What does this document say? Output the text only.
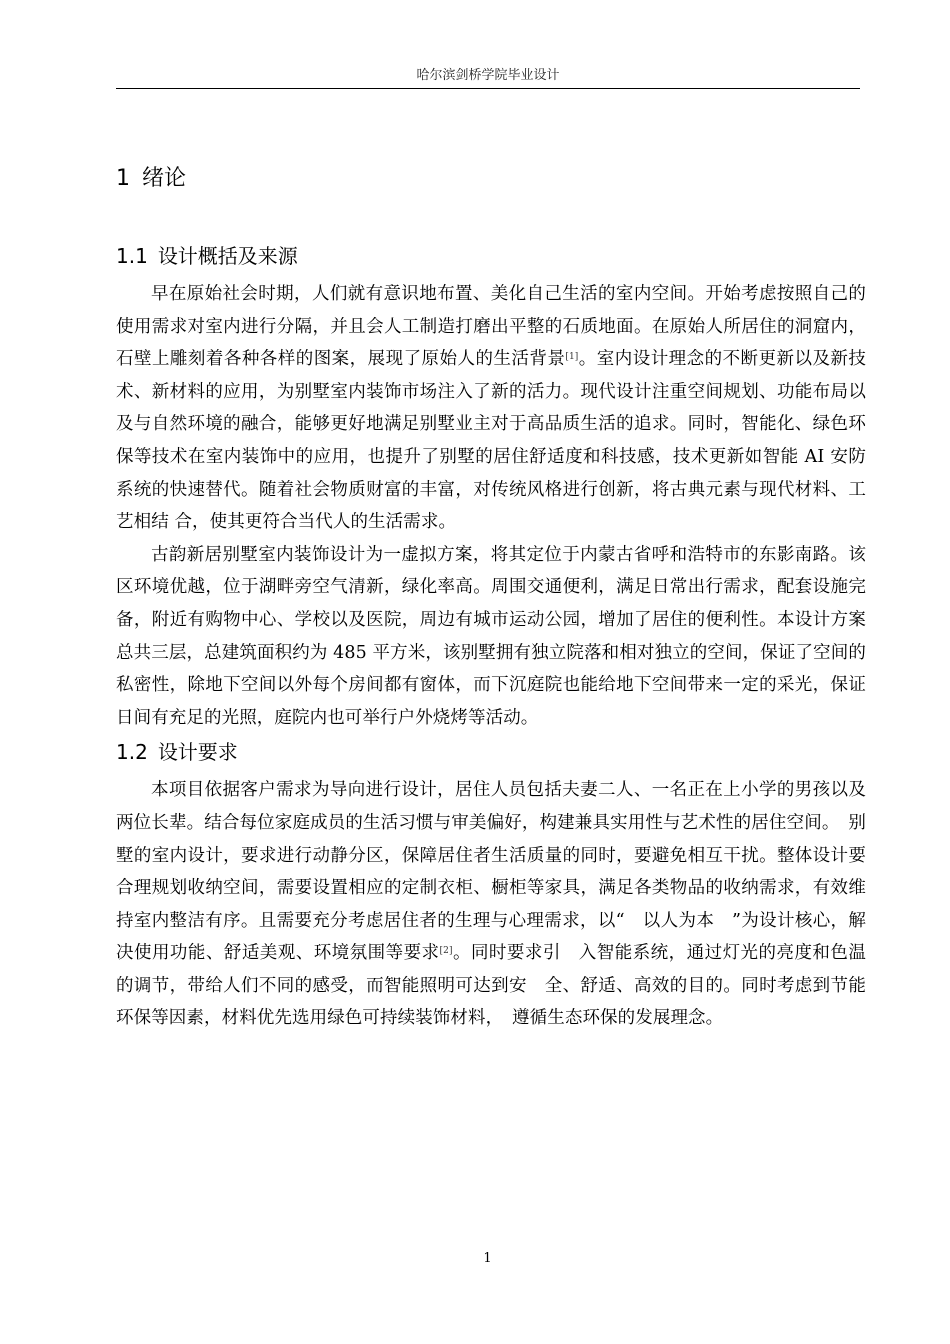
哈尔滨剑桥学院毕业设计
1 绪论
1.1 设计概括及来源

早在原始社会时期，人们就有意识地布置、美化自己生活的室内空间。开始考虑按照自己的使用需求对室内进行分隔，并且会人工制造打磨出平整的石质地面。在原始人所居住的洞窟内，石壁上雕刻着各种各样的图案，展现了原始人的生活背景[1]。室内设计理念的不断更新以及新技术、新材料的应用，为别墅室内装饰市场注入了新的活力。现代设计注重空间规划、功能布局以及与自然环境的融合，能够更好地满足别墅业主对于高品质生活的追求。同时，智能化、绿色环保等技术在室内装饰中的应用，也提升了别墅的居住舒适度和科技感，技术更新如智能 AI 安防系统的快速替代。随着社会物质财富的丰富，对传统风格进行创新，将古典元素与现代材料、工艺相结 合，使其更符合当代人的生活需求。

古韵新居别墅室内装饰设计为一虚拟方案，将其定位于内蒙古省呼和浩特市的东影南路。该区环境优越，位于湖畔旁空气清新，绿化率高。周围交通便利，满足日常出行需求，配套设施完备，附近有购物中心、学校以及医院，周边有城市运动公园，增加了居住的便利性。本设计方案总共三层，总建筑面积约为 485 平方米，该别墅拥有独立院落和相对独立的空间，保证了空间的私密性，除地下空间以外每个房间都有窗体，而下沉庭院也能给地下空间带来一定的采光，保证日间有充足的光照，庭院内也可举行户外烧烤等活动。

1.2 设计要求

本项目依据客户需求为导向进行设计，居住人员包括夫妻二人、一名正在上小学的男孩以及两位长辈。结合每位家庭成员的生活习惯与审美偏好，构建兼具实用性与艺术性的居住空间。　别墅的室内设计，要求进行动静分区，保障居住者生活质量的同时，要避免相互干扰。整体设计要合理规划收纳空间，需要设置相应的定制衣柜、橱柜等家具，满足各类物品的收纳需求，有效维持室内整洁有序。且需要充分考虑居住者的生理与心理需求，以“　以人为本　”为设计核心，解决使用功能、舒适美观、环境氛围等要求[2]。同时要求引　入智能系统，通过灯光的亮度和色温的调节，带给人们不同的感受，而智能照明可达到安　全、舒适、高效的目的。同时考虑到节能环保等因素，材料优先选用绿色可持续装饰材料，　遵循生态环保的发展理念。

1
